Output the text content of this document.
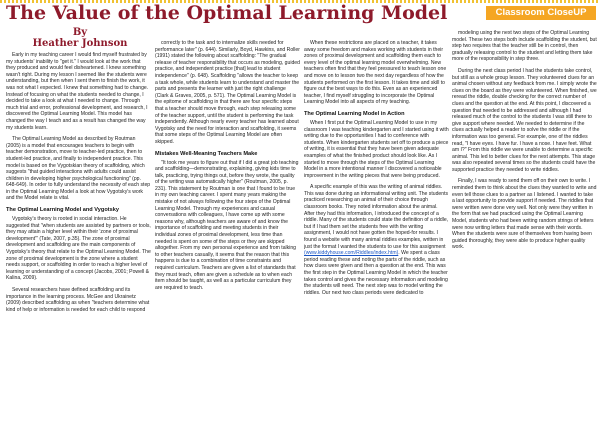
The Value of the Optimal Learning Model	Classroom CloseUP
By
Heather Johnson

Early in my teaching career I would find myself frustrated by my students' inability to "get it." I would look at the work that they produced and would feel disheartened. I knew something wasn't right. During my lesson I seemed like the students were understanding, but then when I sent them to finish the work, it was not what I expected. I knew that something had to change. Instead of focusing on what the students needed to change, I decided to take a look at what I needed to change. Through much trial and error, professional development, and research, I discovered the Optimal Learning Model. This model has changed the way I teach and as a result has changed the way my students learn.

The Optimal Learning Model as described by Routman (2005) is a model that encourages teachers to begin with teacher demonstration, move to teacher-led practice, then to student-led practice, and finally to independent practice. This model is based on the Vygotskian theory of scaffolding, which suggests "that guided interactions with adults could assist children in developing higher psychological functioning" (pp. 648-649). In order to fully understand the necessity of each step in the Optimal Learning Model a look at how Vygotsky's work and the Model relate is vital.

The Optimal Learning Model and Vygotsky

Vygotsky's theory is rooted in social interaction. He suggested that "when students are assisted by partners or tools, they may attain a higher level within their 'zone of proximal development'" (Tate, 2007, p.35). The zone of proximal development and scaffolding are the main components of Vygotsky's theory that relate to the Optimal Learning Model. The zone of proximal development is the zone where a student needs support, or scaffolding in order to reach a higher level of learning or understanding of a concept (Jacobs, 2001; Powell & Kalina, 2009).

Several researchers have defined scaffolding and its importance in the learning process. McGee and Ukrainetz (2009) described scaffolding as when "teachers determine what kind of help or information is needed for each child to respond

correctly to the task and to internalize skills needed for performance later" (p. 644). Similarly, Boyd, Hawkins, and Roller (1991) stated the following about scaffolding: "The gradual release of teacher responsibility that occurs as modeling, guided practice, and independent practice [that] lead to student independence" (p. 648). Scaffolding "allows the teacher to keep a task whole, while students learn to understand and master the parts and presents the learner with just the right challenge (Clark & Graves, 2005, p. 571). The Optimal Learning Model is the epitome of scaffolding in that there are four specific steps that a teacher should move through, each step releasing some of the teacher support, until the student is performing the task independently. Although nearly every teacher has learned about Vygotsky and the need for interaction and scaffolding, it seems that some steps of the Optimal Learning Model are often skipped.

Mistakes Well-Meaning Teachers Make

"It took me years to figure out that if I did a great job teaching and scaffolding—demonstrating, explaining, giving kids time to talk, practicing, trying things out, before they wrote, the quality of the writing was automatically higher" (Routman, 2005, p. 231). This statement by Routman is one that I found to be true in my own teaching career. I spent many years making the mistake of not always following the four steps of the Optimal Learning Model. Through my experiences and casual conversations with colleagues, I have come up with some reasons why, although teachers are aware of and know the importance of scaffolding and meeting students in their individual zones of proximal development, less time than needed is spent on some of the steps or they are skipped altogether. From my own personal experience and from talking to other teachers casually, it seems that the reason that this happens is due to a combination of time constraints and required curriculum. Teachers are given a list of standards that they must teach, often are given a schedule as to when each item should be taught, as well as a particular curriculum they are required to teach.

When these restrictions are placed on a teacher, it takes away some freedom and makes working with students in their zones of proximal development and scaffolding them each to every level of the optimal learning model overwhelming. New teachers often find that they feel pressured to teach lesson one and move on to lesson two the next day regardless of how the students performed on the first lesson. It takes time and skill to figure out the best ways to do this. Even as an experienced teacher, I find myself struggling to incorporate the Optimal Learning Model into all aspects of my teaching.

The Optimal Learning Model in Action

When I first put the Optimal Learning Model to use in my classroom I was teaching kindergarten and I started using it with writing due to the opportunities I had to conference with students. When kindergarten students set off to produce a piece of writing, it is essential that they have been given adequate examples of what the finished product should look like. As I started to move through the steps of the Optimal Learning Model in a more intentional manner I discovered a noticeable improvement in the writing pieces that were being produced.

A specific example of this was the writing of animal riddles. This was done during an informational writing unit. The students practiced researching an animal of their choice through classroom books. They noted information about the animal. After they had this information, I introduced the concept of a riddle. Many of the students could state the definition of a riddle, but if I had them set the students free with the writing assignment, I would not have gotten the hoped-for results. I found a website with many animal riddles examples, written in just the format I wanted the students to use for this assignment (www.kiddyhouse.com/Riddles/index.htm). We spent a class period reading these and noting the parts of the riddle, such as how clues were given and then a question at the end. This was the first step in the Optimal Learning Model in which the teacher takes control and gives the necessary information and modeling the students will need. The next step was to model writing the riddles. Our next two class periods were dedicated to

modeling using the next two steps of the Optimal Learning model. These two steps both include scaffolding the student, but step two requires that the teacher still be in control, then gradually releasing control to the student and letting them take more of the responsibility in step three.

During the next class period I had the students take control, but still as a whole group lesson. They volunteered clues for an animal chosen without any feedback from me. I simply wrote the clues on the board as they were volunteered. When finished, we reread the riddle, double checking for the correct number of clues and the question at the end. At this point, I discovered a question that needed to be addressed and although I had released much of the control to the students I was still there to give support where needed. We needed to determine if the clues actually helped a reader to solve the riddle or if the information was too general. For example, one of the riddles read, "I have eyes. I have fur. I have a nose. I have feet. What am I?" From this riddle we were unable to determine a specific animal. This led to better clues for the next attempts. This stage was also repeated several times so the students could have the supported practice they needed to write riddles.

Finally, I was ready to send them off on their own to write. I reminded them to think about the clues they wanted to write and even tell those clues to a partner as I listened. I wanted to take a last opportunity to provide support if needed. The riddles that were written were done very well. Not only were they written in the form that we had practiced using the Optimal Learning Model, students who had been writing random strings of letters were now writing letters that made sense with their words. When the students were sure of themselves from having been guided thoroughly, they were able to produce higher quality work.
